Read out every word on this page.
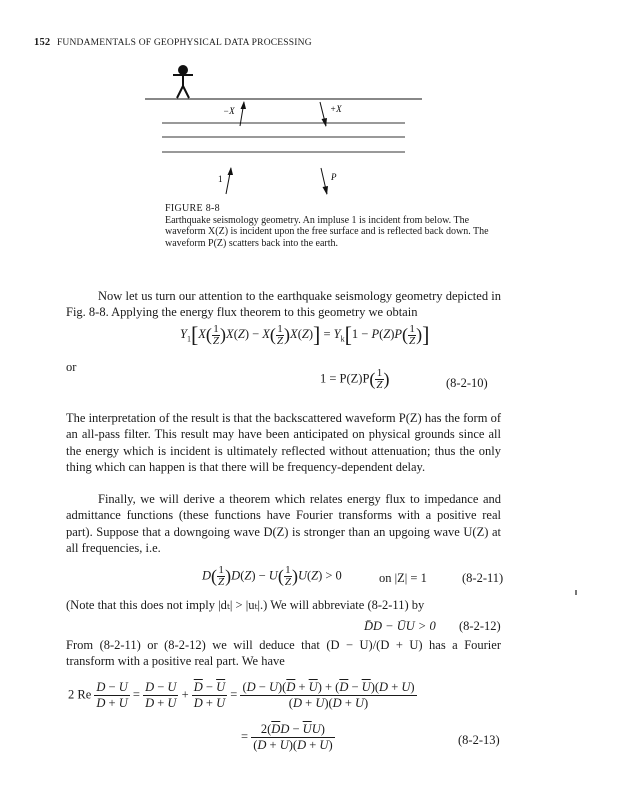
152 FUNDAMENTALS OF GEOPHYSICAL DATA PROCESSING
−X	+X
1	P
FIGURE 8-8
Earthquake seismology geometry. An impluse 1 is incident from below. The waveform X(Z) is incident upon the free surface and is reflected back down. The waveform P(Z) scatters back into the earth.
Now let us turn our attention to the earthquake seismology geometry depicted in Fig. 8-8. Applying the energy flux theorem to this geometry we obtain
$Y_1[X( \frac{1}{Z} )X(Z) - X( \frac{1}{Z} )X(Z)] = Y_k[1 - P(Z)P( \frac{1}{Z}$ )]
or
$1 = P(Z)P( \frac{1}{Z}$ )	(8-2-10)
The interpretation of the result is that the backscattered waveform P(Z) has the form of an all-pass filter. This result may have been anticipated on physical grounds since all the energy which is incident is ultimately reflected without attenuation; thus the only thing which can happen is that there will be frequency-dependent delay.
Finally, we will derive a theorem which relates energy flux to impedance and admittance functions (these functions have Fourier transforms with a positive real part). Suppose that a downgoing wave D(Z) is stronger than an upgoing wave U(Z) at all frequencies, i.e.
$D( \frac{1}{Z} )D(Z) - U( \frac{1}{Z} )U(Z) > 0$	on |Z| = 1	(8-2-11)
(Note that this does not imply |dₜ| > |uₜ|.) We will abbreviate (8-2-11) by
D̄D − ŪU > 0 (8-2-12)
From (8-2-11) or (8-2-12) we will deduce that (D − U)/(D + U) has a Fourier transform with a positive real part. We have
2 Re $\frac{D - U}{D + U} = \frac{D - U}{D + U} + \frac{\overline{D} - \overline{U}}{\overline{D} + \overline{U}} = \frac{(D - U)(\overline{D} + \overline{U}) + (\overline{D} - \overline{U})(D + U)}{(D + U)(\overline{D} + \overline{U})}$
= $\frac{2(\overline{D}D - \overline{U}U)}{(D + U)(\overline{D} + \overline{U})}$	(8-2-13)
